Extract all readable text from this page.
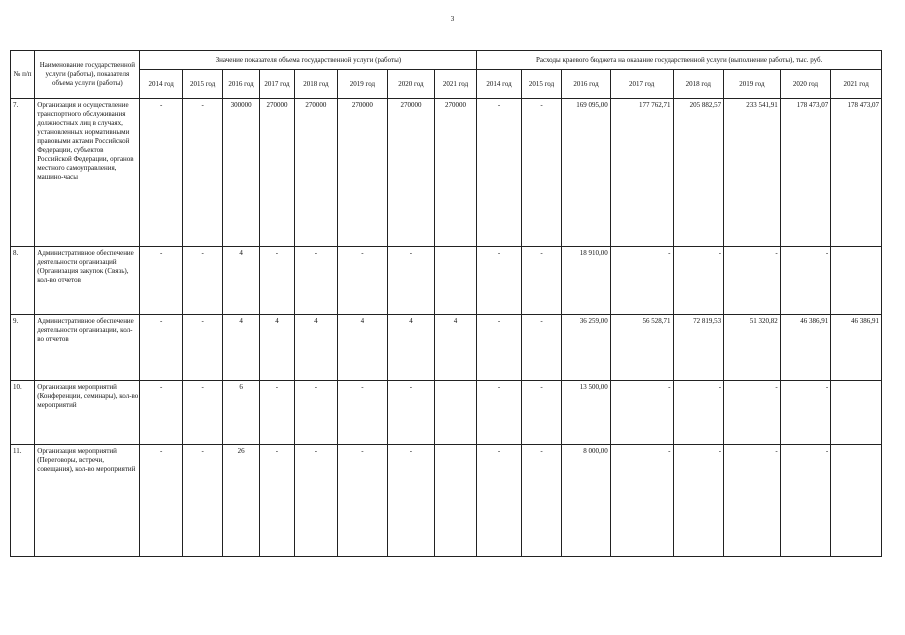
3
№ п/п	Наименование государственной услуги (работы), показателя объема услуги (работы)	Значение показателя объема государственной услуги (работы)								Расходы краевого бюджета на оказание государственной услуги (выполнение работы), тыс. руб.							
		2014 год	2015 год	2016 год	2017 год	2018 год	2019 год	2020 год	2021 год	2014 год	2015 год	2016 год	2017 год	2018 год	2019 год	2020 год	2021 год
7.	Организация и осуществление транспортного обслуживания должностных лиц в случаях, установленных нормативными правовыми актами Российской Федерации, субъектов Российской Федерации, органов местного самоуправления, машино-часы	-	-	300000	270000	270000	270000	270000	270000	-	-	169 095,00	177 762,71	205 882,57	233 541,91	178 473,07	178 473,07
8.	Административное обеспечение деятельности организаций (Организация закупок (Связь), кол-во отчетов	-	-	4	-	-	-	-		-	-	18 910,00	-	-	-	-	
9.	Административное обеспечение деятельности организации, кол-во отчетов	-	-	4	4	4	4	4	4	-	-	36 259,00	56 528,71	72 819,53	51 320,82	46 386,91	46 386,91
10.	Организация мероприятий (Конференции, семинары), кол-во мероприятий	-	-	6	-	-	-	-		-	-	13 500,00	-	-	-	-	
11.	Организация мероприятий (Переговоры, встречи, совещания), кол-во мероприятий	-	-	26	-	-	-	-		-	-	8 000,00	-	-	-	-	
